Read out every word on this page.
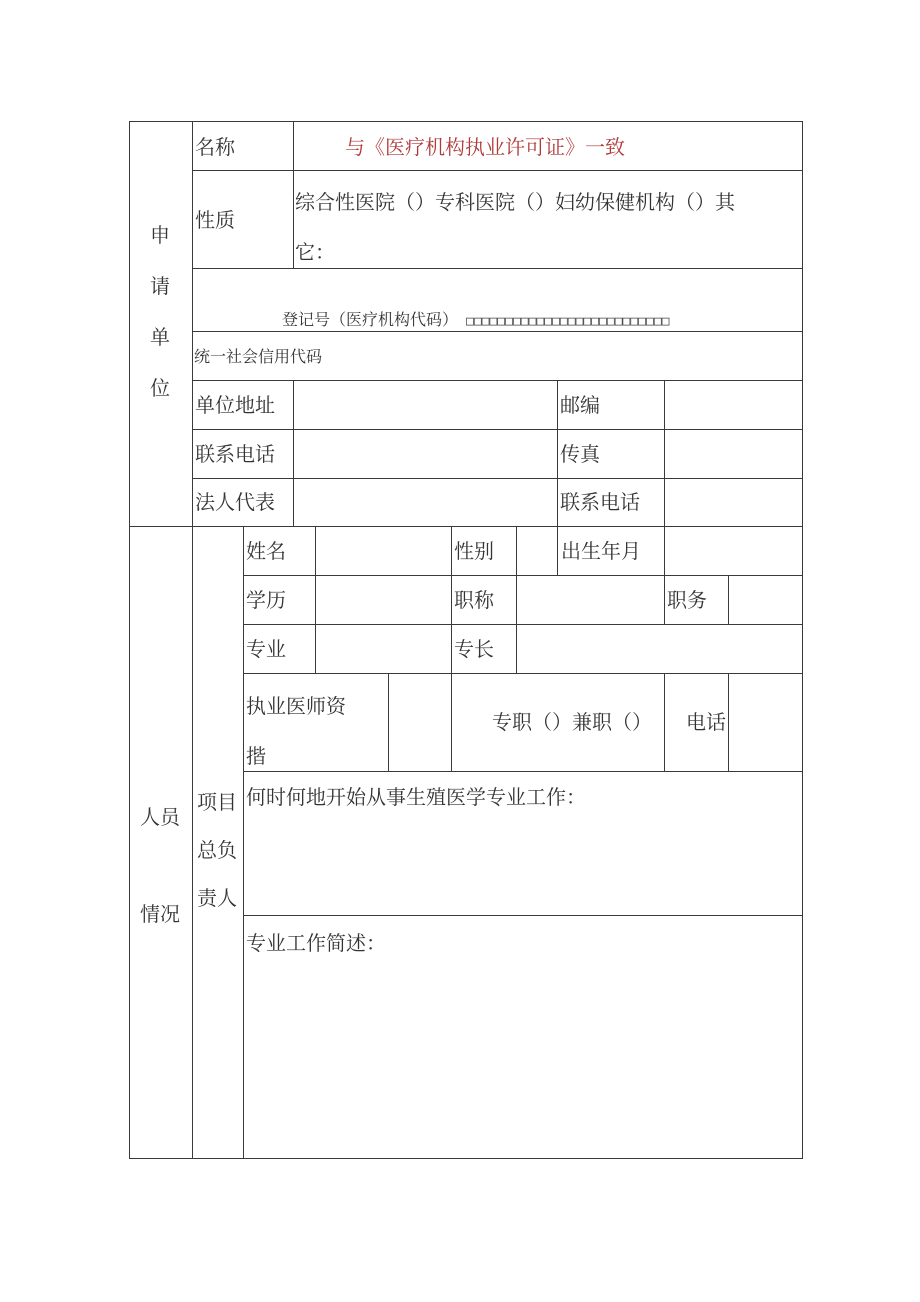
申请单位
名称	与《医疗机构执业许可证》一致
性质
综合性医院（）专科医院（）妇幼保健机构（）其
它：
登记号（医疗机构代码） □□□□□□□□□□□□□□□□□□□□□□□□□□
统一社会信用代码
单位地址	邮编
联系电话	传真
法人代表	联系电话
人员
情况
项目
总负
责人
姓名	性别	出生年月
学历	职称	职务
专业	专长
执业医师资
揩
专职（）兼职（） 电话
何时何地开始从事生殖医学专业工作：
专业工作简述：
